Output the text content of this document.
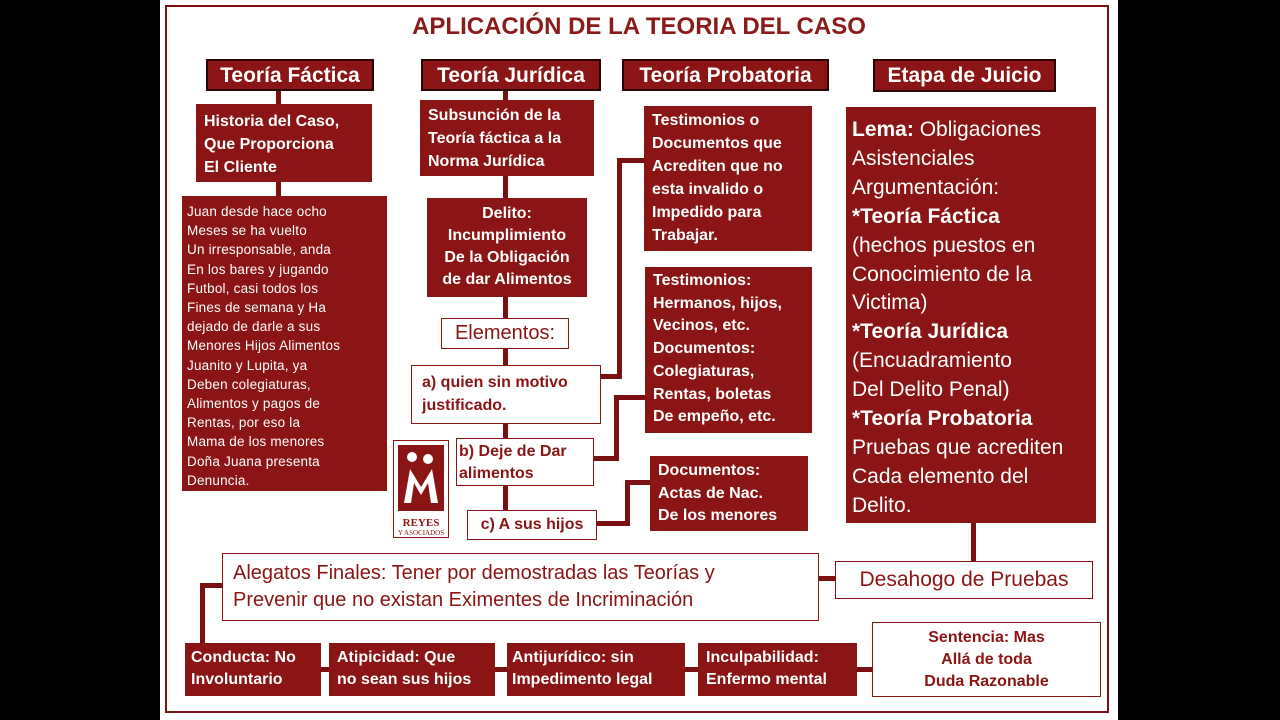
APLICACIÓN DE LA TEORIA DEL CASO
Teoría Fáctica	Teoría Jurídica	Teoría Probatoria	Etapa de Juicio
Historia del Caso,
Que Proporciona
El Cliente
Juan desde hace ocho
Meses se ha vuelto
Un irresponsable, anda
En los bares y jugando
Futbol, casi todos los
Fines de semana y Ha
dejado de darle a sus
Menores Hijos Alimentos
Juanito y Lupita, ya
Deben colegiaturas,
Alimentos y pagos de
Rentas, por eso la
Mama de los menores
Doña Juana presenta
Denuncia.
Subsunción de la
Teoría fáctica a la
Norma Jurídica
Delito:
Incumplimiento
De la Obligación
de dar Alimentos
Elementos:
a) quien sin motivo
justificado.
b) Deje de Dar
alimentos
c) A sus hijos
REYES
Y ASOCIADOS
Testimonios o
Documentos que
Acrediten que no
esta invalido o
Impedido para
Trabajar.
Testimonios:
Hermanos, hijos,
Vecinos, etc.
Documentos:
Colegiaturas,
Rentas, boletas
De empeño, etc.
Documentos:
Actas de Nac.
De los menores
Lema: Obligaciones
Asistenciales
Argumentación:
*Teoría Fáctica
(hechos puestos en
Conocimiento de la
Victima)
*Teoría Jurídica
(Encuadramiento
Del Delito Penal)
*Teoría Probatoria
Pruebas que acrediten
Cada elemento del
Delito.
Desahogo de Pruebas
Alegatos Finales: Tener por demostradas las Teorías y
Prevenir que no existan Eximentes de Incriminación
Conducta: No
Involuntario
Atipicidad: Que
no sean sus hijos
Antijurídico: sin
Impedimento legal
Inculpabilidad:
Enfermo mental
Sentencia: Mas
Allá de toda
Duda Razonable
